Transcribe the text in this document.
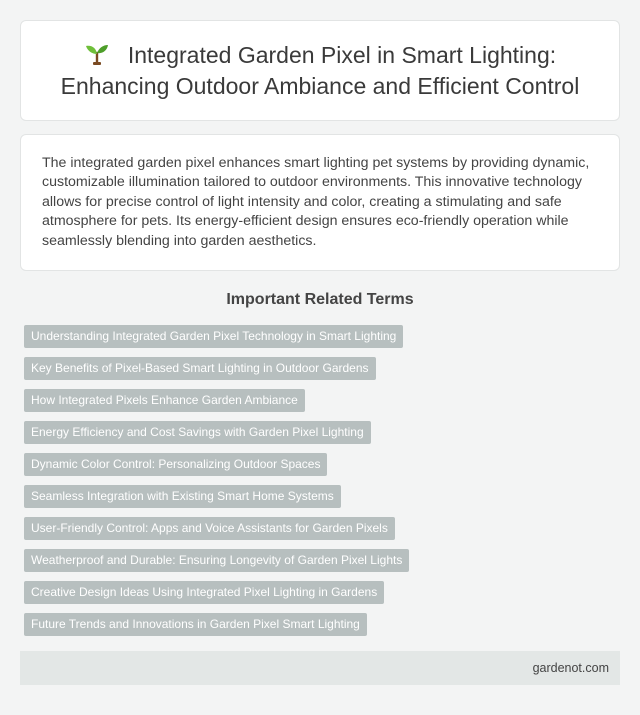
Integrated Garden Pixel in Smart Lighting: Enhancing Outdoor Ambiance and Efficient Control

The integrated garden pixel enhances smart lighting pet systems by providing dynamic, customizable illumination tailored to outdoor environments. This innovative technology allows for precise control of light intensity and color, creating a stimulating and safe atmosphere for pets. Its energy-efficient design ensures eco-friendly operation while seamlessly blending into garden aesthetics.

Important Related Terms
Understanding Integrated Garden Pixel Technology in Smart Lighting
Key Benefits of Pixel-Based Smart Lighting in Outdoor Gardens
How Integrated Pixels Enhance Garden Ambiance
Energy Efficiency and Cost Savings with Garden Pixel Lighting
Dynamic Color Control: Personalizing Outdoor Spaces
Seamless Integration with Existing Smart Home Systems
User-Friendly Control: Apps and Voice Assistants for Garden Pixels
Weatherproof and Durable: Ensuring Longevity of Garden Pixel Lights
Creative Design Ideas Using Integrated Pixel Lighting in Gardens
Future Trends and Innovations in Garden Pixel Smart Lighting
gardenot.com
